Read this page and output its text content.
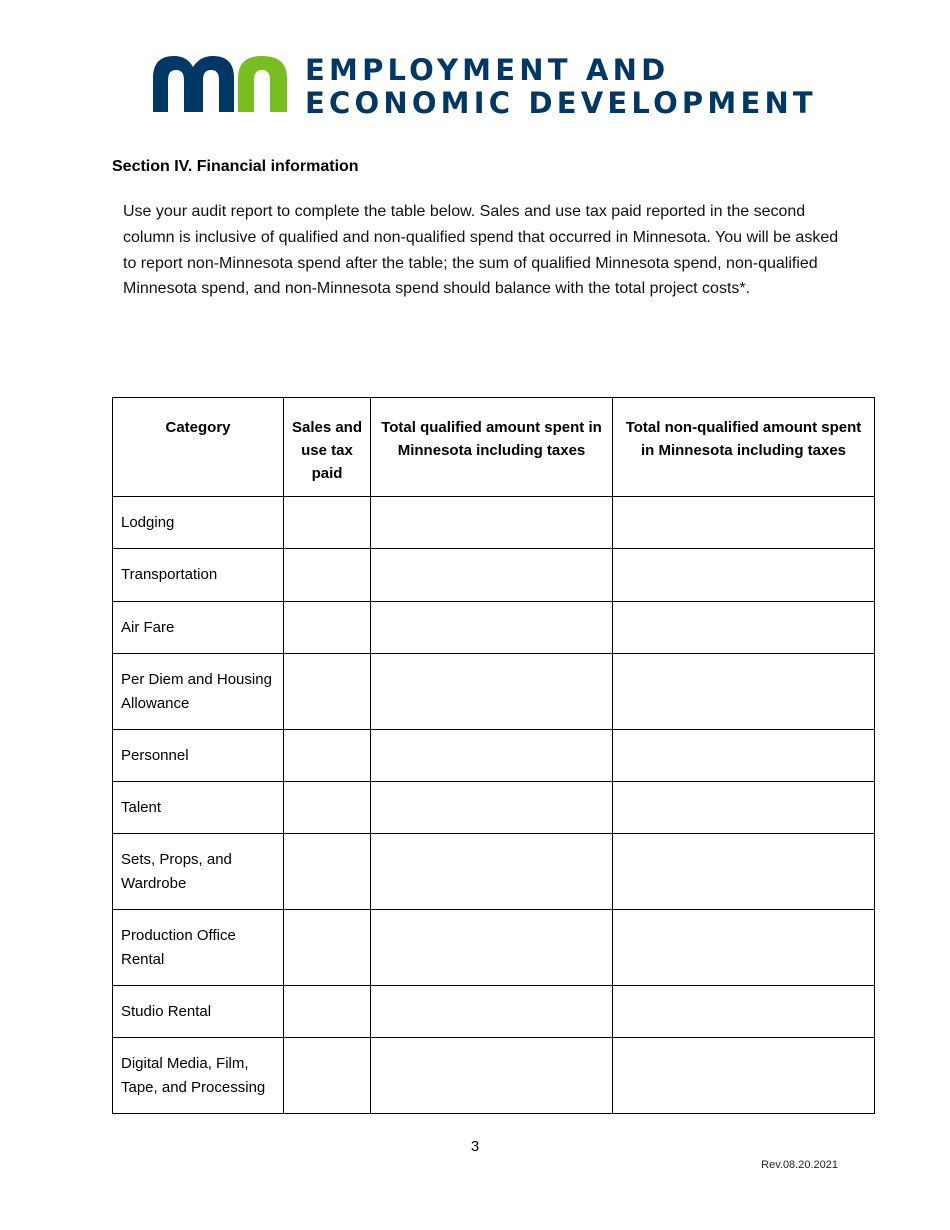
EMPLOYMENT AND
ECONOMIC DEVELOPMENT
Section IV. Financial information

Use your audit report to complete the table below. Sales and use tax paid reported in the second column is inclusive of qualified and non-qualified spend that occurred in Minnesota. You will be asked to report non-Minnesota spend after the table; the sum of qualified Minnesota spend, non-qualified Minnesota spend, and non-Minnesota spend should balance with the total project costs*.

Category	Sales and use tax paid	Total qualified amount spent in Minnesota including taxes	Total non-qualified amount spent in Minnesota including taxes
Lodging			
Transportation			
Air Fare			
Per Diem and Housing Allowance			
Personnel			
Talent			
Sets, Props, and Wardrobe			
Production Office Rental			
Studio Rental			
Digital Media, Film, Tape, and Processing			
3
Rev.08.20.2021
